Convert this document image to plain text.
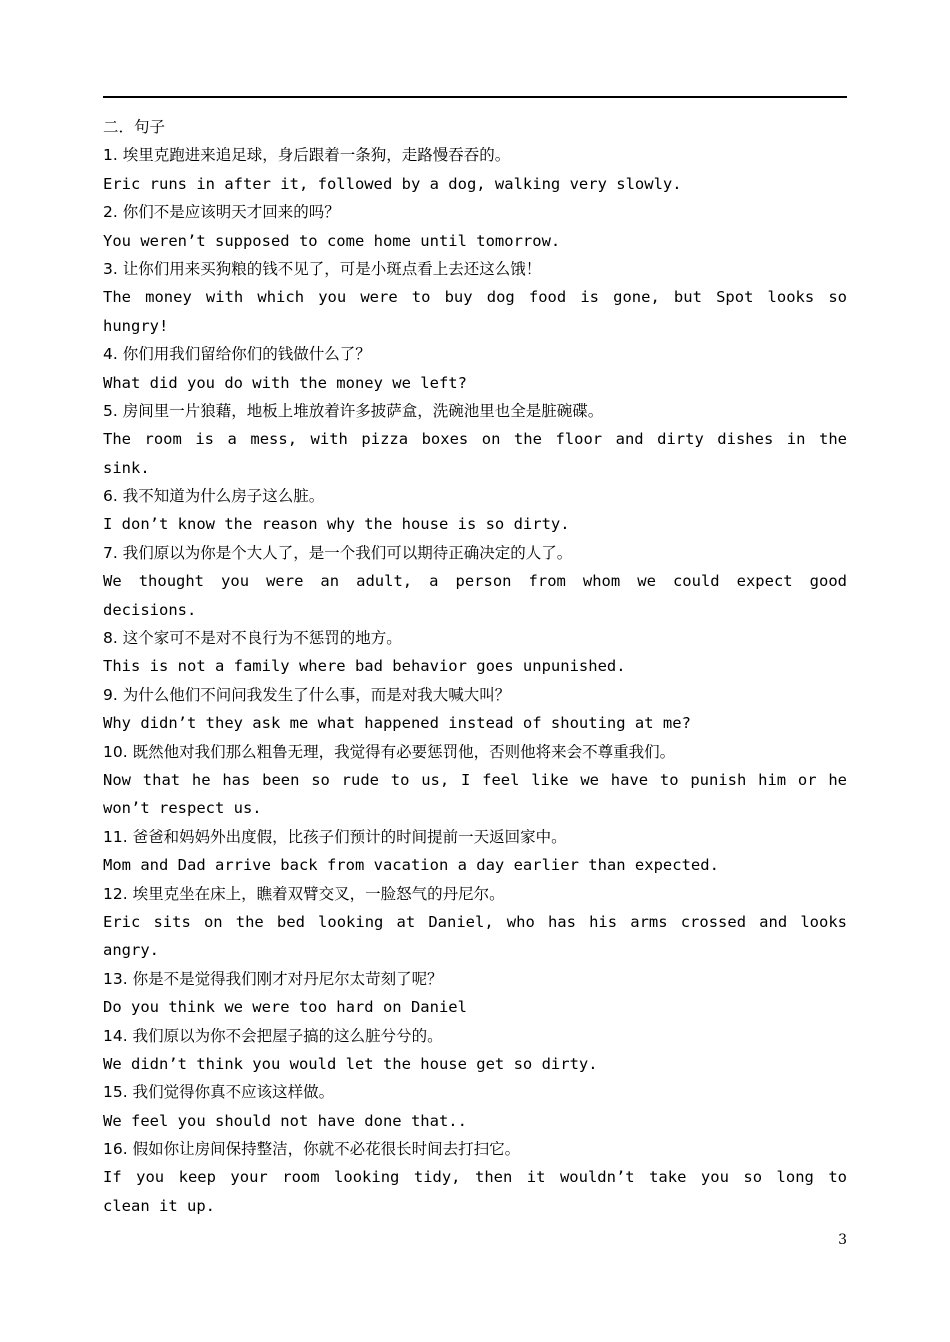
二．句子
1. 埃里克跑进来追足球，身后跟着一条狗，走路慢吞吞的。
Eric runs in after it, followed by a dog, walking very slowly.
2. 你们不是应该明天才回来的吗？
You weren’t supposed to come home until tomorrow.
3. 让你们用来买狗粮的钱不见了，可是小斑点看上去还这么饿！
The money with which you were to buy dog food is gone, but Spot looks so
hungry!
4. 你们用我们留给你们的钱做什么了？
What did you do with the money we left?
5. 房间里一片狼藉，地板上堆放着许多披萨盒，洗碗池里也全是脏碗碟。
The room is a mess, with pizza boxes on the floor and dirty dishes in the
sink.
6. 我不知道为什么房子这么脏。
I don’t know the reason why the house is so dirty.
7. 我们原以为你是个大人了，是一个我们可以期待正确决定的人了。
We thought you were an adult, a person from whom we could expect good
decisions.
8. 这个家可不是对不良行为不惩罚的地方。
This is not a family where bad behavior goes unpunished.
9. 为什么他们不问问我发生了什么事，而是对我大喊大叫？
Why didn’t they ask me what happened instead of shouting at me?
10. 既然他对我们那么粗鲁无理，我觉得有必要惩罚他，否则他将来会不尊重我们。
Now that he has been so rude to us, I feel like we have to punish him or he
won’t respect us.
11. 爸爸和妈妈外出度假，比孩子们预计的时间提前一天返回家中。
Mom and Dad arrive back from vacation a day earlier than expected.
12. 埃里克坐在床上，瞧着双臂交叉，一脸怒气的丹尼尔。
Eric sits on the bed looking at Daniel, who has his arms crossed and looks
angry.
13. 你是不是觉得我们刚才对丹尼尔太苛刻了呢？
Do you think we were too hard on Daniel
14. 我们原以为你不会把屋子搞的这么脏兮兮的。
We didn’t think you would let the house get so dirty.
15. 我们觉得你真不应该这样做。
We feel you should not have done that..
16. 假如你让房间保持整洁，你就不必花很长时间去打扫它。
If you keep your room looking tidy, then it wouldn’t take you so long to
clean it up.
3
